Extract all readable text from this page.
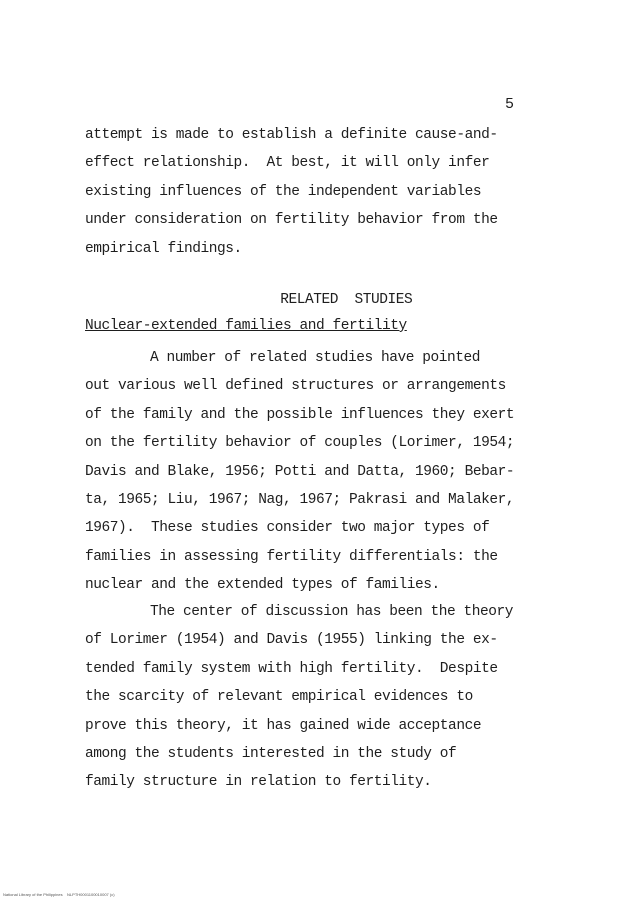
5
attempt is made to establish a definite cause-and-
effect relationship.  At best, it will only infer
existing influences of the independent variables
under consideration on fertility behavior from the
empirical findings.

RELATED  STUDIES

Nuclear-extended families and fertility
A number of related studies have pointed
out various well defined structures or arrangements
of the family and the possible influences they exert
on the fertility behavior of couples (Lorimer, 1954;
Davis and Blake, 1956; Potti and Datta, 1960; Bebar-
ta, 1965; Liu, 1967; Nag, 1967; Pakrasi and Malaker,
1967).  These studies consider two major types of
families in assessing fertility differentials: the
nuclear and the extended types of families.
The center of discussion has been the theory
of Lorimer (1954) and Davis (1955) linking the ex-
tended family system with high fertility.  Despite
the scarcity of relevant empirical evidences to
prove this theory, it has gained wide acceptance
among the students interested in the study of
family structure in relation to fertility.
National Library of the Philippines    NLPTH0001100010007 (c)
